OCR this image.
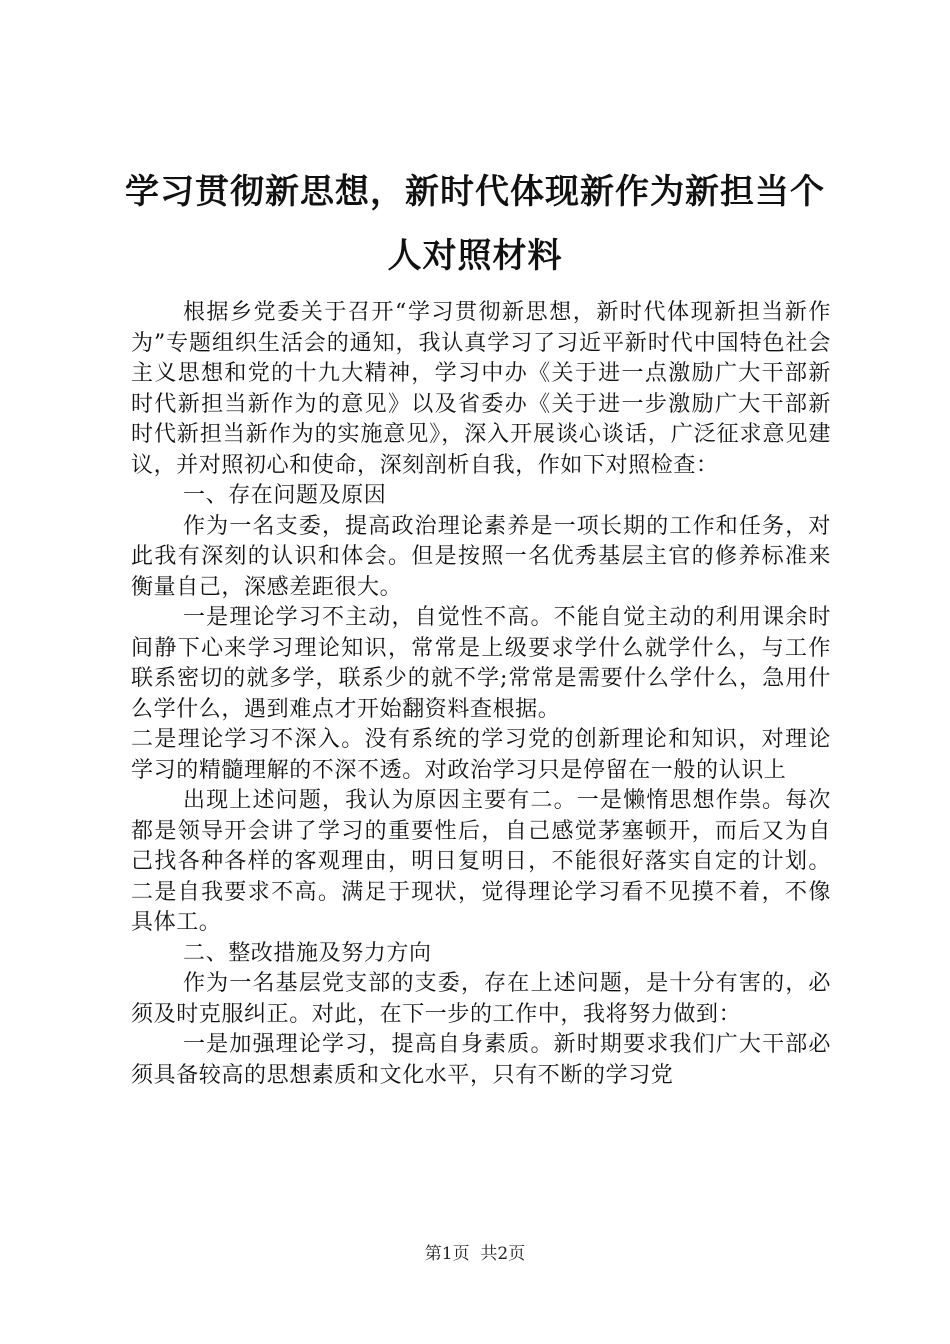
学习贯彻新思想，新时代体现新作为新担当个人对照材料

根据乡党委关于召开“学习贯彻新思想，新时代体现新担当新作为”专题组织生活会的通知，我认真学习了习近平新时代中国特色社会主义思想和党的十九大精神，学习中办《关于进一点激励广大干部新时代新担当新作为的意见》以及省委办《关于进一步激励广大干部新时代新担当新作为的实施意见》，深入开展谈心谈话，广泛征求意见建议，并对照初心和使命，深刻剖析自我，作如下对照检查：

一、存在问题及原因

作为一名支委，提高政治理论素养是一项长期的工作和任务，对此我有深刻的认识和体会。但是按照一名优秀基层主官的修养标准来衡量自己，深感差距很大。

一是理论学习不主动，自觉性不高。不能自觉主动的利用课余时间静下心来学习理论知识，常常是上级要求学什么就学什么，与工作联系密切的就多学，联系少的就不学;常常是需要什么学什么，急用什么学什么，遇到难点才开始翻资料查根据。

二是理论学习不深入。没有系统的学习党的创新理论和知识，对理论学习的精髓理解的不深不透。对政治学习只是停留在一般的认识上

出现上述问题，我认为原因主要有二。一是懒惰思想作祟。每次都是领导开会讲了学习的重要性后，自己感觉茅塞顿开，而后又为自己找各种各样的客观理由，明日复明日，不能很好落实自定的计划。二是自我要求不高。满足于现状，觉得理论学习看不见摸不着，不像具体工。

二、整改措施及努力方向

作为一名基层党支部的支委，存在上述问题，是十分有害的，必须及时克服纠正。对此，在下一步的工作中，我将努力做到：

一是加强理论学习，提高自身素质。新时期要求我们广大干部必须具备较高的思想素质和文化水平，只有不断的学习党

第1页  共2页
